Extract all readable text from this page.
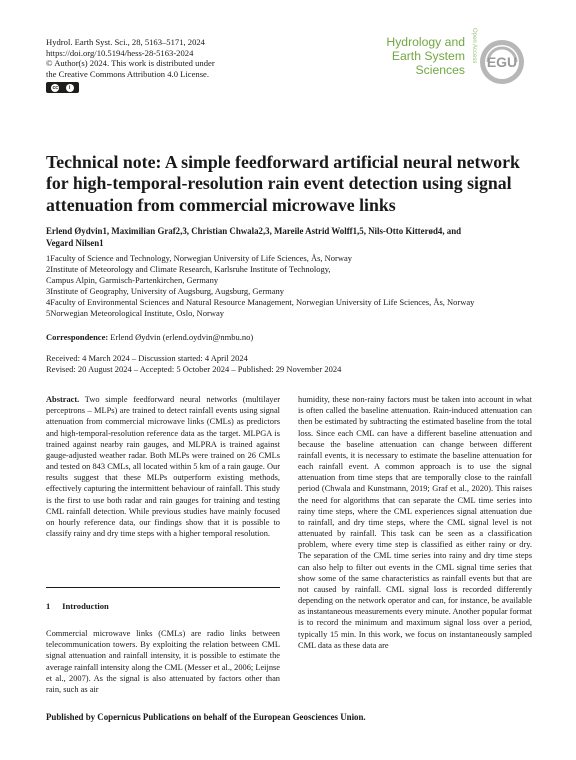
Hydrol. Earth Syst. Sci., 28, 5163–5171, 2024
https://doi.org/10.5194/hess-28-5163-2024
© Author(s) 2024. This work is distributed under
the Creative Commons Attribution 4.0 License.
cc	i
Hydrology and
Earth System
Sciences
Open Access EGU
Technical note: A simple feedforward artificial neural network for high-temporal-resolution rain event detection using signal attenuation from commercial microwave links
Erlend Øydvin1, Maximilian Graf2,3, Christian Chwala2,3, Mareile Astrid Wolff1,5, Nils-Otto Kitterød4, and
Vegard Nilsen1
1Faculty of Science and Technology, Norwegian University of Life Sciences, Ås, Norway
2Institute of Meteorology and Climate Research, Karlsruhe Institute of Technology,
Campus Alpin, Garmisch-Partenkirchen, Germany
3Institute of Geography, University of Augsburg, Augsburg, Germany
4Faculty of Environmental Sciences and Natural Resource Management, Norwegian University of Life Sciences, Ås, Norway
5Norwegian Meteorological Institute, Oslo, Norway
Correspondence: Erlend Øydvin (erlend.oydvin@nmbu.no)
Received: 4 March 2024 – Discussion started: 4 April 2024
Revised: 20 August 2024 – Accepted: 5 October 2024 – Published: 29 November 2024
Abstract. Two simple feedforward neural networks (multilayer perceptrons – MLPs) are trained to detect rainfall events using signal attenuation from commercial microwave links (CMLs) as predictors and high-temporal-resolution reference data as the target. MLPGA is trained against nearby rain gauges, and MLPRA is trained against gauge-adjusted weather radar. Both MLPs were trained on 26 CMLs and tested on 843 CMLs, all located within 5 km of a rain gauge. Our results suggest that these MLPs outperform existing methods, effectively capturing the intermittent behaviour of rainfall. This study is the first to use both radar and rain gauges for training and testing CML rainfall detection. While previous studies have mainly focused on hourly reference data, our findings show that it is possible to classify rainy and dry time steps with a higher temporal resolution.
1 Introduction
Commercial microwave links (CMLs) are radio links between telecommunication towers. By exploiting the relation between CML signal attenuation and rainfall intensity, it is possible to estimate the average rainfall intensity along the CML (Messer et al., 2006; Leijnse et al., 2007). As the signal is also attenuated by factors other than rain, such as air
humidity, these non-rainy factors must be taken into account in what is often called the baseline attenuation. Rain-induced attenuation can then be estimated by subtracting the estimated baseline from the total loss. Since each CML can have a different baseline attenuation and because the baseline attenuation can change between different rainfall events, it is necessary to estimate the baseline attenuation for each rainfall event. A common approach is to use the signal attenuation from time steps that are temporally close to the rainfall period (Chwala and Kunstmann, 2019; Graf et al., 2020). This raises the need for algorithms that can separate the CML time series into rainy time steps, where the CML experiences signal attenuation due to rainfall, and dry time steps, where the CML signal level is not attenuated by rainfall. This task can be seen as a classification problem, where every time step is classified as either rainy or dry. The separation of the CML time series into rainy and dry time steps can also help to filter out events in the CML signal time series that show some of the same characteristics as rainfall events but that are not caused by rainfall. CML signal loss is recorded differently depending on the network operator and can, for instance, be available as instantaneous measurements every minute. Another popular format is to record the minimum and maximum signal loss over a period, typically 15 min. In this work, we focus on instantaneously sampled CML data as these data are
Published by Copernicus Publications on behalf of the European Geosciences Union.
